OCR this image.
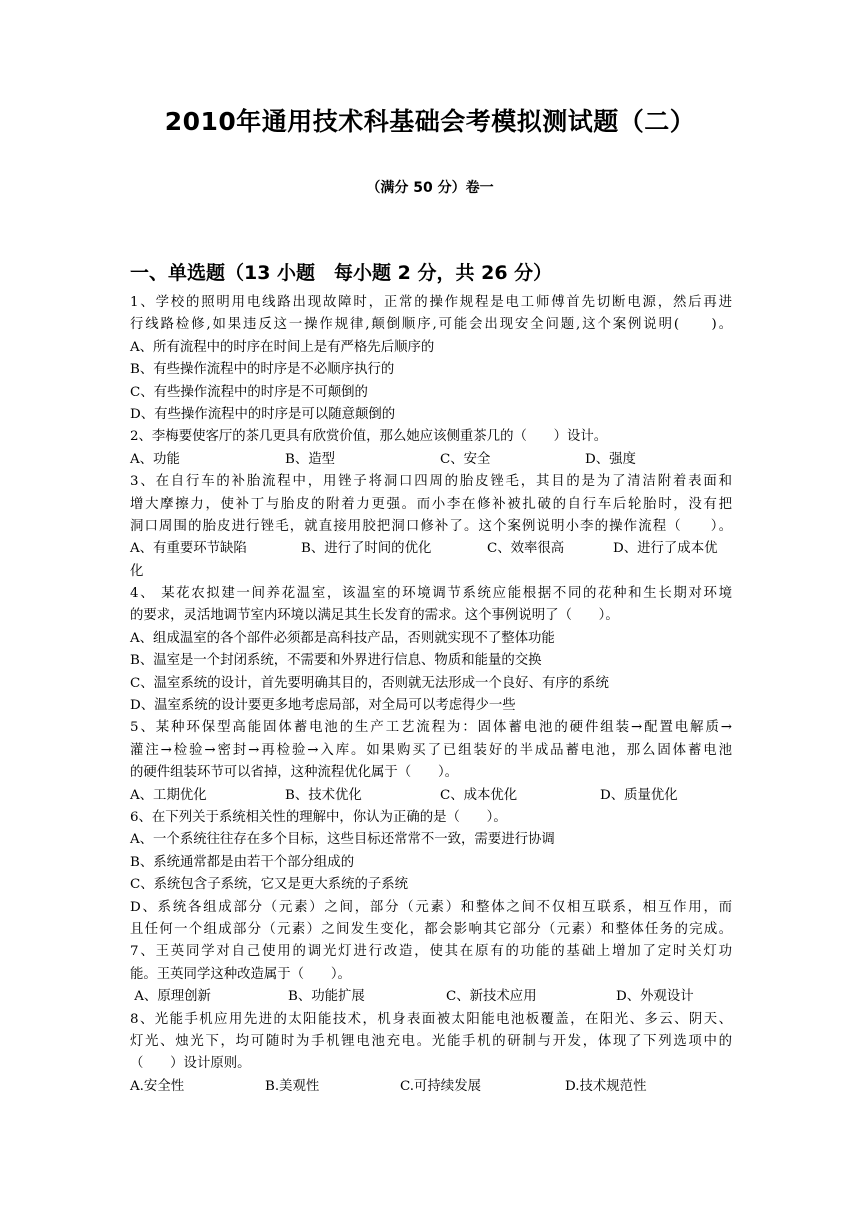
2010年通用技术科基础会考模拟测试题（二）
（满分 50 分）卷一
一、单选题（13 小题　每小题 2 分，共 26 分）
1、学校的照明用电线路出现故障时，正常的操作规程是电工师傅首先切断电源，然后再进
行线路检修,如果违反这一操作规律,颠倒顺序,可能会出现安全问题,这个案例说明(　　)。
A、所有流程中的时序在时间上是有严格先后顺序的
B、有些操作流程中的时序是不必顺序执行的
C、有些操作流程中的时序是不可颠倒的
D、有些操作流程中的时序是可以随意颠倒的
2、李梅要使客厅的茶几更具有欣赏价值，那么她应该侧重茶几的（　　）设计。
A、功能	B、造型	C、安全	D、强度
3、在自行车的补胎流程中，用锉子将洞口四周的胎皮锉毛，其目的是为了清洁附着表面和
增大摩擦力，使补丁与胎皮的附着力更强。而小李在修补被扎破的自行车后轮胎时，没有把
洞口周围的胎皮进行锉毛，就直接用胶把洞口修补了。这个案例说明小李的操作流程（　　）。
A、有重要环节缺陷	B、进行了时间的优化	C、效率很高	D、进行了成本优
化
4、 某花农拟建一间养花温室，该温室的环境调节系统应能根据不同的花种和生长期对环境
的要求，灵活地调节室内环境以满足其生长发育的需求。这个事例说明了（　　）。
A、组成温室的各个部件必须都是高科技产品，否则就实现不了整体功能
B、温室是一个封闭系统，不需要和外界进行信息、物质和能量的交换
C、温室系统的设计，首先要明确其目的，否则就无法形成一个良好、有序的系统
D、温室系统的设计要更多地考虑局部，对全局可以考虑得少一些
5、某种环保型高能固体蓄电池的生产工艺流程为：固体蓄电池的硬件组装→配置电解质→
灌注→检验→密封→再检验→入库。如果购买了已组装好的半成品蓄电池，那么固体蓄电池
的硬件组装环节可以省掉，这种流程优化属于（　　）。
A、工期优化	B、技术优化	C、成本优化	D、质量优化
6、在下列关于系统相关性的理解中，你认为正确的是（　　）。
A、一个系统往往存在多个目标，这些目标还常常不一致，需要进行协调
B、系统通常都是由若干个部分组成的
C、系统包含子系统，它又是更大系统的子系统
D、系统各组成部分（元素）之间，部分（元素）和整体之间不仅相互联系，相互作用，而
且任何一个组成部分（元素）之间发生变化，都会影响其它部分（元素）和整体任务的完成。
7、王英同学对自己使用的调光灯进行改造，使其在原有的功能的基础上增加了定时关灯功
能。王英同学这种改造属于（　　）。
A、原理创新	B、功能扩展	C、新技术应用	D、外观设计
8、光能手机应用先进的太阳能技术，机身表面被太阳能电池板覆盖，在阳光、多云、阴天、
灯光、烛光下，均可随时为手机锂电池充电。光能手机的研制与开发，体现了下列选项中的
（　　）设计原则。
A.安全性	B.美观性	C.可持续发展	D.技术规范性
